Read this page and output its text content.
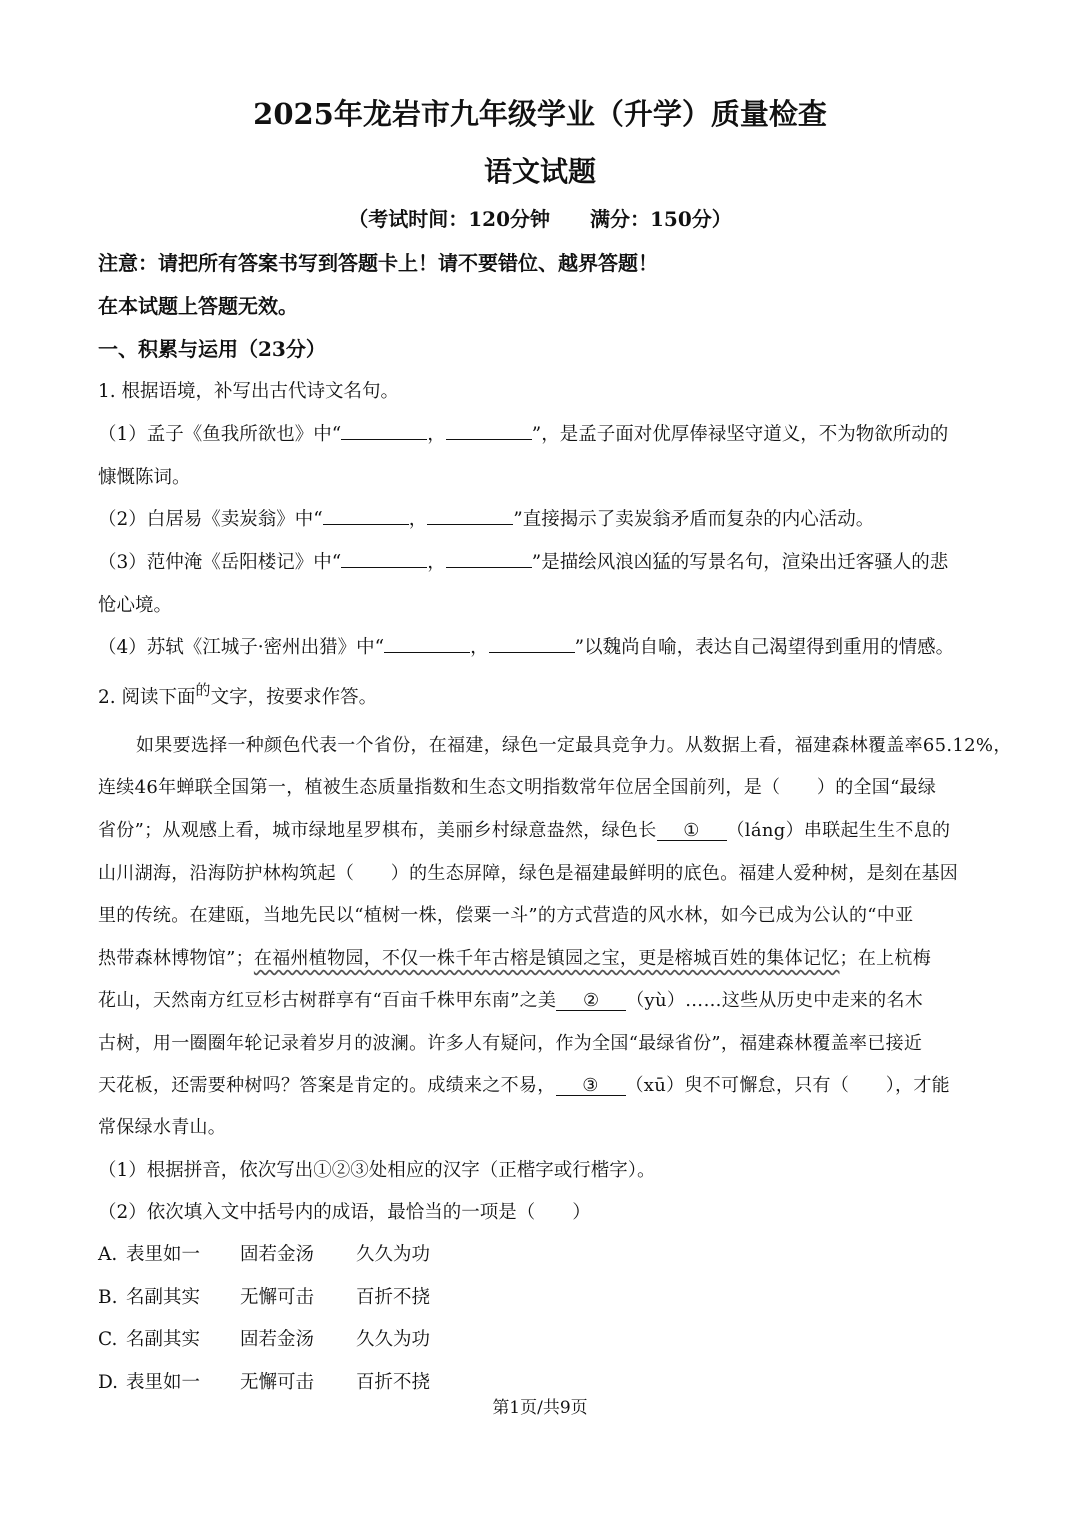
2025年龙岩市九年级学业（升学）质量检查
语文试题
（考试时间：120分钟 满分：150分）
注意：请把所有答案书写到答题卡上！请不要错位、越界答题！
在本试题上答题无效。
一、积累与运用（23分）
1. 根据语境，补写出古代诗文名句。
（1）孟子《鱼我所欲也》中“	，	”，是孟子面对优厚俸禄坚守道义，不为物欲所动的
慷慨陈词。
（2）白居易《卖炭翁》中“	，	”直接揭示了卖炭翁矛盾而复杂的内心活动。
（3）范仲淹《岳阳楼记》中“	，	”是描绘风浪凶猛的写景名句，渲染出迁客骚人的悲
怆心境。
（4）苏轼《江城子·密州出猎》中“	，	”以魏尚自喻，表达自己渴望得到重用的情感。
2. 阅读下面$^的$文字，按要求作答。
如果要选择一种颜色代表一个省份，在福建，绿色一定最具竞争力。从数据上看，福建森林覆盖率65.12%，
连续46年蝉联全国第一，植被生态质量指数和生态文明指数常年位居全国前列，是（　　）的全国“最绿
省份”；从观感上看，城市绿地星罗棋布，美丽乡村绿意盎然，绿色长 ① （láng）串联起生生不息的
山川湖海，沿海防护林构筑起（　　）的生态屏障，绿色是福建最鲜明的底色。福建人爱种树，是刻在基因
里的传统。在建瓯，当地先民以“植树一株，偿粟一斗”的方式营造的风水林，如今已成为公认的“中亚
热带森林博物馆”；在福州植物园，不仅一株千年古榕是镇园之宝，更是榕城百姓的集体记忆；在上杭梅
花山，天然南方红豆杉古树群享有“百亩千株甲东南”之美 ② （yù）……这些从历史中走来的名木
古树，用一圈圈年轮记录着岁月的波澜。许多人有疑问，作为全国“最绿省份”，福建森林覆盖率已接近
天花板，还需要种树吗？答案是肯定的。成绩来之不易， ③ （xū）臾不可懈怠，只有（　　），才能
常保绿水青山。
（1）根据拼音，依次写出①②③处相应的汉字（正楷字或行楷字）。
（2）依次填入文中括号内的成语，最恰当的一项是（　　）
A. 表里如一 固若金汤 久久为功
B. 名副其实 无懈可击 百折不挠
C. 名副其实 固若金汤 久久为功
D. 表里如一 无懈可击 百折不挠
第1页/共9页
